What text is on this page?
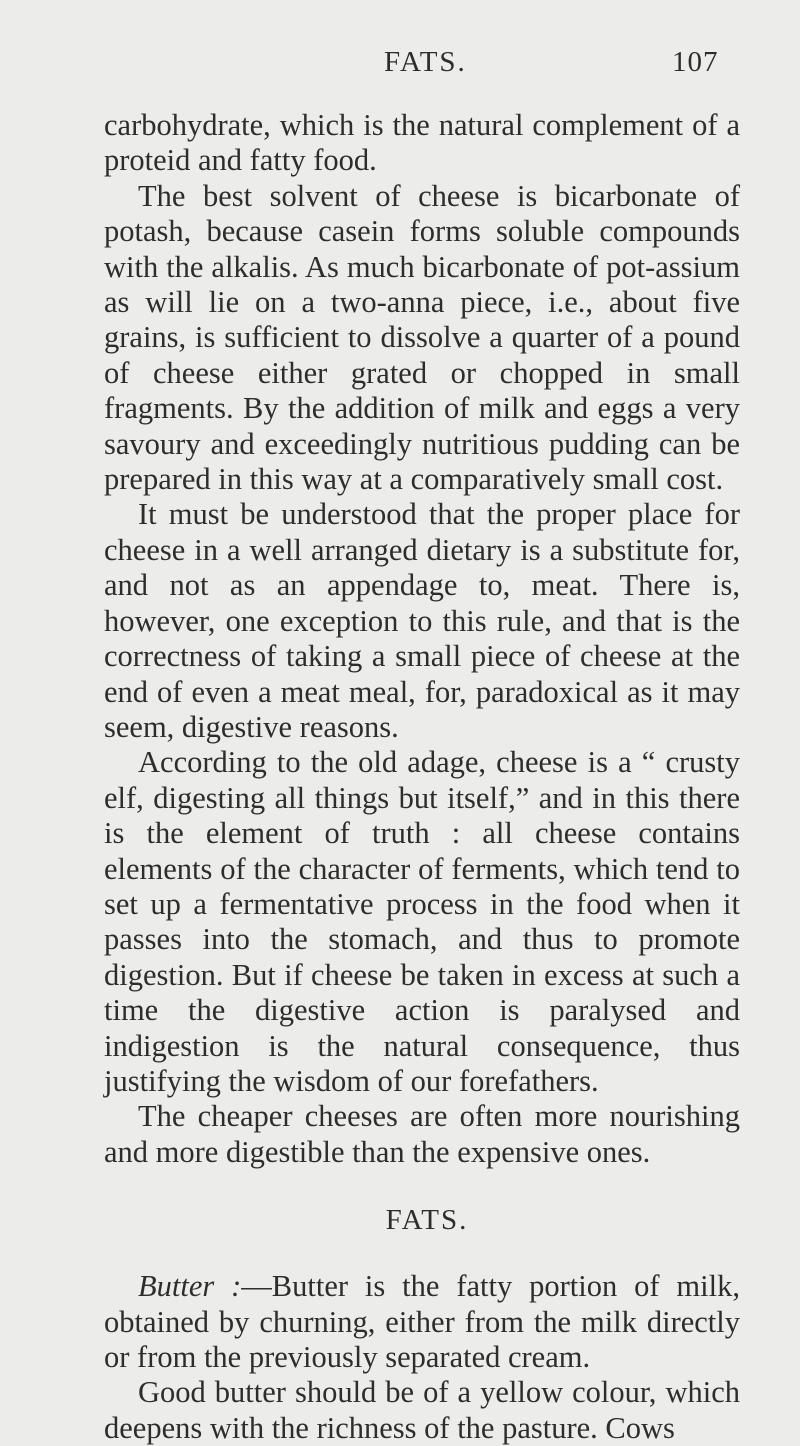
FATS.	107

carbohydrate, which is the natural complement of a proteid and fatty food.

The best solvent of cheese is bicarbonate of potash, because casein forms soluble compounds with the alkalis. As much bicarbonate of pot-assium as will lie on a two-anna piece, i.e., about five grains, is sufficient to dissolve a quarter of a pound of cheese either grated or chopped in small fragments. By the addition of milk and eggs a very savoury and exceedingly nutritious pudding can be prepared in this way at a comparatively small cost.

It must be understood that the proper place for cheese in a well arranged dietary is a substitute for, and not as an appendage to, meat. There is, however, one exception to this rule, and that is the correctness of taking a small piece of cheese at the end of even a meat meal, for, paradoxical as it may seem, digestive reasons.

According to the old adage, cheese is a “ crusty elf, digesting all things but itself,” and in this there is the element of truth : all cheese contains elements of the character of ferments, which tend to set up a fermentative process in the food when it passes into the stomach, and thus to promote digestion. But if cheese be taken in excess at such a time the digestive action is paralysed and indigestion is the natural consequence, thus justifying the wisdom of our forefathers.

The cheaper cheeses are often more nourishing and more digestible than the expensive ones.

FATS.

Butter :—Butter is the fatty portion of milk, obtained by churning, either from the milk directly or from the previously separated cream.

Good butter should be of a yellow colour, which deepens with the richness of the pasture. Cows
